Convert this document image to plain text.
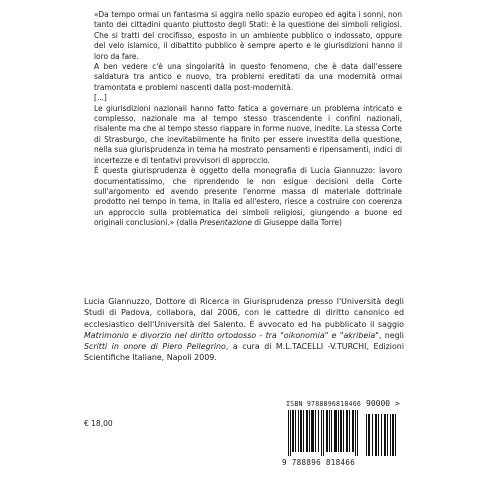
«Da tempo ormai un fantasma si aggira nello spazio europeo ed agita i sonni, non tanto dei cittadini quanto piuttosto degli Stati: è la questione dei simboli religiosi. Che si tratti del crocifisso, esposto in un ambiente pubblico o indossato, oppure del velo islamico, il dibattito pubblico è sempre aperto e le giurisdizioni hanno il loro da fare.

A ben vedere c'è una singolarità in questo fenomeno, che è data dall'essere saldatura tra antico e nuovo, tra problemi ereditati da una modernità ormai tramontata e problemi nascenti dalla post-modernità.

[...]

Le giurisdizioni nazionali hanno fatto fatica a governare un problema intricato e complesso, nazionale ma al tempo stesso trascendente i confini nazionali, risalente ma che al tempo stesso riappare in forme nuove, inedite. La stessa Corte di Strasburgo, che inevitabilmente ha finito per essere investita della questione, nella sua giurisprudenza in tema ha mostrato pensamenti e ripensamenti, indici di incertezze e di tentativi provvisori di approccio.

È questa giurisprudenza è oggetto della monografia di Lucia Giannuzzo: lavoro documentatissimo, che riprendendo le non esigue decisioni della Corte sull'argomento ed avendo presente l'enorme massa di materiale dottrinale prodotto nel tempo in tema, in Italia ed all'estero, riesce a costruire con coerenza un approccio sulla problematica dei simboli religiosi, giungendo a buone ed originali conclusioni.» (dalla Presentazione di Giuseppe dalla Torre)

Lucia Giannuzzo, Dottore di Ricerca in Giurisprudenza presso l'Università degli Studi di Padova, collabora, dal 2006, con le cattedre di diritto canonico ed ecclesiastico dell'Università del Salento. È avvocato ed ha pubblicato il saggio Matrimonio e divorzio nel diritto ortodosso - tra "oikonomia" e "akribeia", negli Scritti in onore di Piero Pellegrino, a cura di M.L.TACELLI -V.TURCHI, Edizioni Scientifiche Italiane, Napoli 2009.

€ 18,00
ISBN 9788896818466 90000 >
9 788896 818466
